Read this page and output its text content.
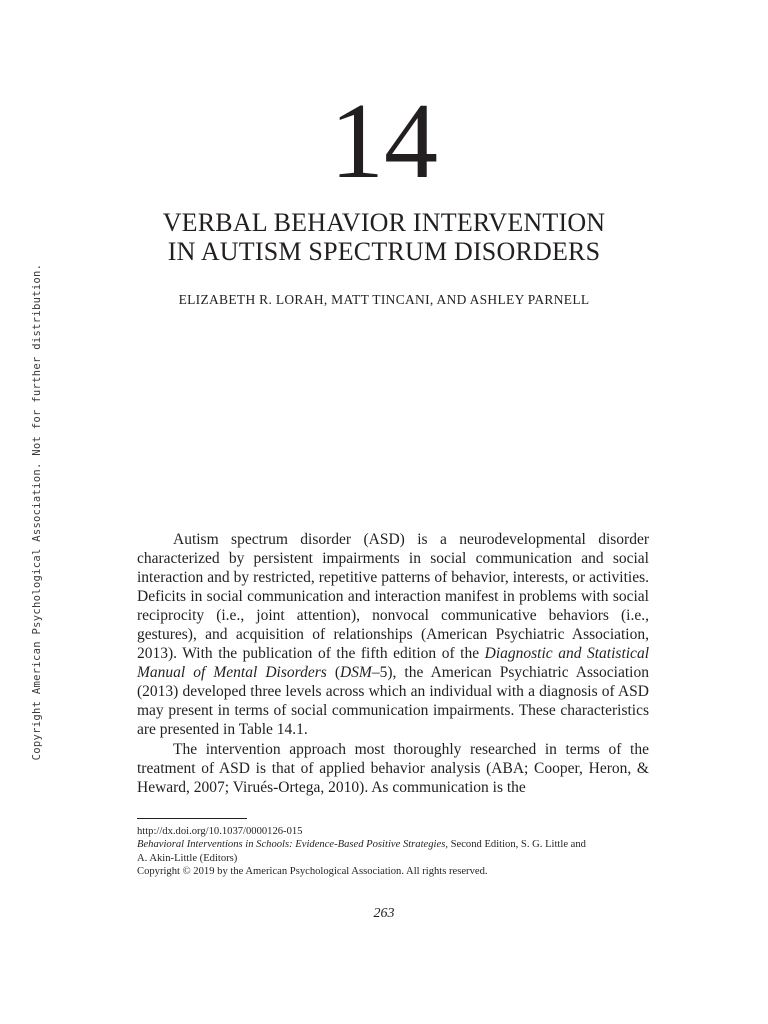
Copyright American Psychological Association. Not for further distribution.
14
VERBAL BEHAVIOR INTERVENTION
IN AUTISM SPECTRUM DISORDERS
ELIZABETH R. LORAH, MATT TINCANI, AND ASHLEY PARNELL

Autism spectrum disorder (ASD) is a neurodevelopmental disorder characterized by persistent impairments in social communication and social interaction and by restricted, repetitive patterns of behavior, interests, or activities. Deficits in social communication and interaction manifest in problems with social reciprocity (i.e., joint attention), nonvocal communicative behaviors (i.e., gestures), and acquisition of relationships (American Psychiatric Association, 2013). With the publication of the fifth edition of the Diagnostic and Statistical Manual of Mental Disorders (DSM–5), the American Psychiatric Association (2013) developed three levels across which an individual with a diagnosis of ASD may present in terms of social communication impairments. These characteristics are presented in Table 14.1.

The intervention approach most thoroughly researched in terms of the treatment of ASD is that of applied behavior analysis (ABA; Cooper, Heron, & Heward, 2007; Virués-Ortega, 2010). As communication is the

http://dx.doi.org/10.1037/0000126-015
Behavioral Interventions in Schools: Evidence-Based Positive Strategies, Second Edition, S. G. Little and
A. Akin-Little (Editors)
Copyright © 2019 by the American Psychological Association. All rights reserved.
263
